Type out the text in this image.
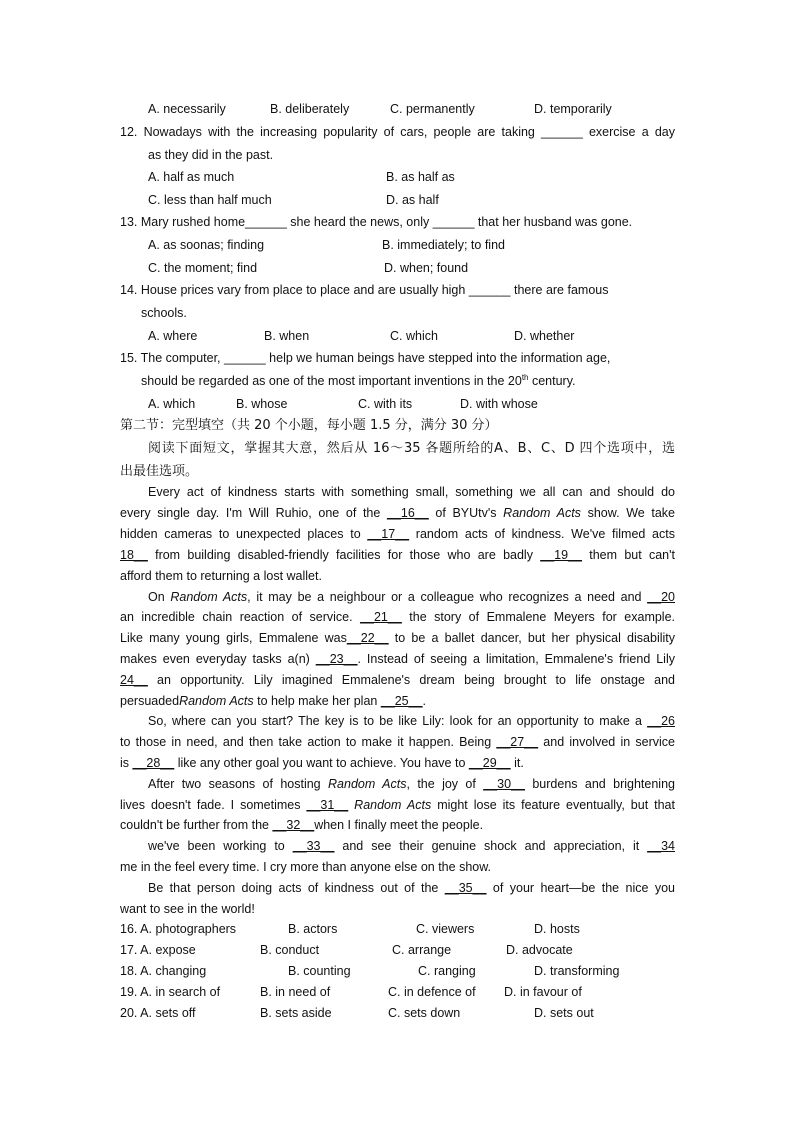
A. necessarily	B. deliberately	C. permanently	D. temporarily
12. Nowadays with the increasing popularity of cars, people are taking ______ exercise a day
as they did in the past.
A. half as much	B. as half as
C. less than half much	D. as half
13. Mary rushed home______ she heard the news, only ______ that her husband was gone.
A. as soonas; finding	B. immediately; to find
C. the moment; find	D. when; found
14. House prices vary from place to place and are usually high ______ there are famous
schools.
A. where	B. when	C. which	D. whether
15. The computer, ______ help we human beings have stepped into the information age,
should be regarded as one of the most important inventions in the 20th century.
A. which	B. whose	C. with its	D. with whose
第二节：完型填空（共 20 个小题，每小题 1.5 分，满分 30 分）
阅读下面短文，掌握其大意，然后从 16～35 各题所给的A、B、C、D 四个选项中，选
出最佳选项。
Every act of kindness starts with something small, something we all can and should do
every single day. I'm Will Ruhio, one of the __16__ of BYUtv's Random Acts show. We take
hidden cameras to unexpected places to __17__ random acts of kindness. We've filmed acts
18__ from building disabled-friendly facilities for those who are badly __19__ them but can't
afford them to returning a lost wallet.
On Random Acts, it may be a neighbour or a colleague who recognizes a need and __20
an incredible chain reaction of service. __21__ the story of Emmalene Meyers for example.
Like many young girls, Emmalene was__22__ to be a ballet dancer, but her physical disability
makes even everyday tasks a(n) __23__. Instead of seeing a limitation, Emmalene's friend Lily
24__ an opportunity. Lily imagined Emmalene's dream being brought to life onstage and
persuadedRandom Acts to help make her plan __25__.
So, where can you start? The key is to be like Lily: look for an opportunity to make a __26
to those in need, and then take action to make it happen. Being __27__ and involved in service
is __28__ like any other goal you want to achieve. You have to __29__ it.
After two seasons of hosting Random Acts, the joy of __30__ burdens and brightening
lives doesn't fade. I sometimes __31__ Random Acts might lose its feature eventually, but that
couldn't be further from the __32__when I finally meet the people.
we've been working to __33__ and see their genuine shock and appreciation, it __34
me in the feel every time. I cry more than anyone else on the show.
Be that person doing acts of kindness out of the __35__ of your heart—be the nice you
want to see in the world!
16. A. photographers	B. actors	C. viewers	D. hosts
17. A. expose	B. conduct	C. arrange	D. advocate
18. A. changing	B. counting	C. ranging	D. transforming
19. A. in search of	B. in need of	C. in defence of D. in favour of
20. A. sets off	B. sets aside	C. sets down	D. sets out
